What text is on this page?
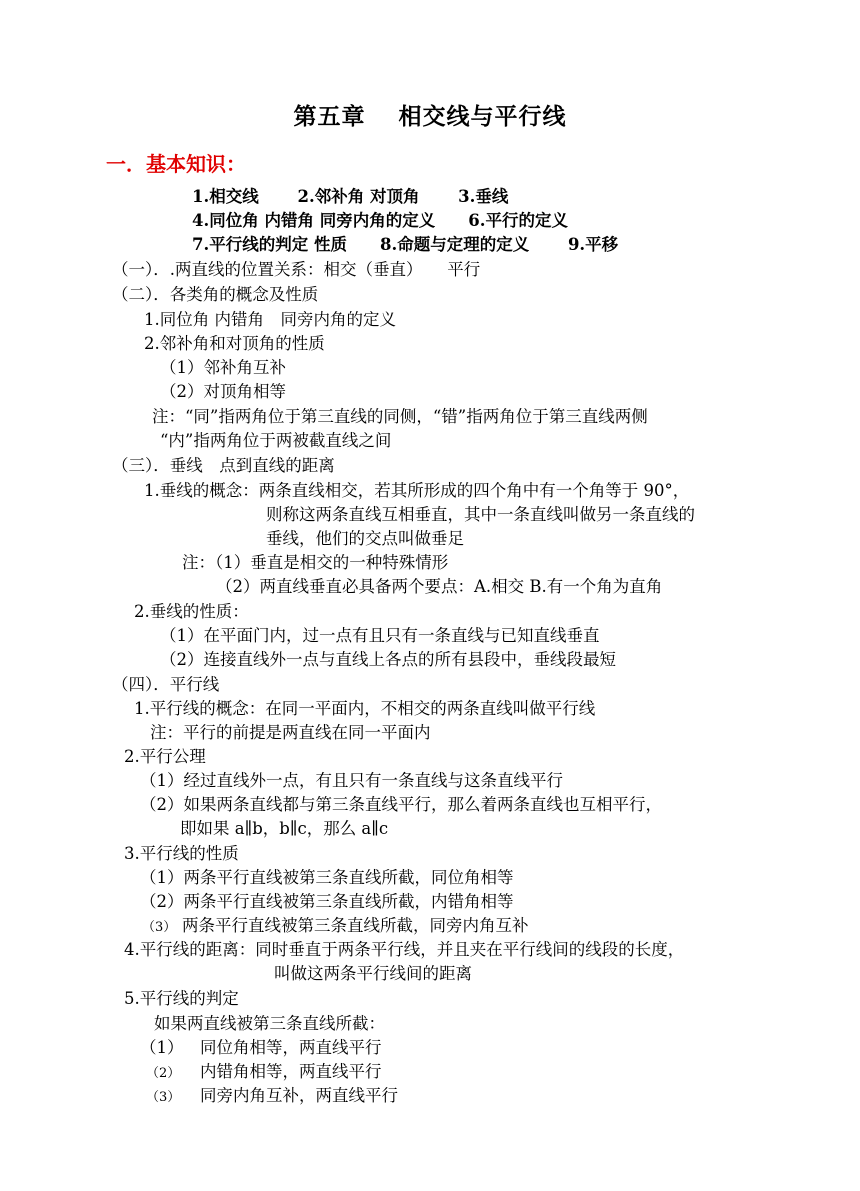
第五章　 相交线与平行线
一．基本知识：
1.相交线　　 2.邻补角 对顶角　　 3.垂线
4.同位角 内错角 同旁内角的定义　　6.平行的定义
7.平行线的判定 性质　　8.命题与定理的定义　　 9.平移
（一）．.两直线的位置关系：相交（垂直）　　平行
（二）．各类角的概念及性质
1.同位角 内错角　同旁内角的定义
2.邻补角和对顶角的性质
（1）邻补角互补
（2）对顶角相等
注：“同”指两角位于第三直线的同侧，“错”指两角位于第三直线两侧
“内”指两角位于两被截直线之间
（三）．垂线　点到直线的距离
1.垂线的概念：两条直线相交，若其所形成的四个角中有一个角等于 90°，
则称这两条直线互相垂直，其中一条直线叫做另一条直线的
垂线，他们的交点叫做垂足
注：（1）垂直是相交的一种特殊情形
（2）两直线垂直必具备两个要点：A.相交 B.有一个角为直角
2.垂线的性质：
（1）在平面门内，过一点有且只有一条直线与已知直线垂直
（2）连接直线外一点与直线上各点的所有县段中，垂线段最短
（四）．平行线
1.平行线的概念：在同一平面内，不相交的两条直线叫做平行线
注：平行的前提是两直线在同一平面内
2.平行公理
（1）经过直线外一点，有且只有一条直线与这条直线平行
（2）如果两条直线都与第三条直线平行，那么着两条直线也互相平行，
即如果 a∥b，b∥c，那么 a∥c
3.平行线的性质
（1）两条平行直线被第三条直线所截，同位角相等
（2）两条平行直线被第三条直线所截，内错角相等
（3） 两条平行直线被第三条直线所截，同旁内角互补
4.平行线的距离：同时垂直于两条平行线，并且夹在平行线间的线段的长度，
叫做这两条平行线间的距离
5.平行线的判定
如果两直线被第三条直线所截：
（1） 同位角相等，两直线平行
（2） 内错角相等，两直线平行
（3） 同旁内角互补，两直线平行
